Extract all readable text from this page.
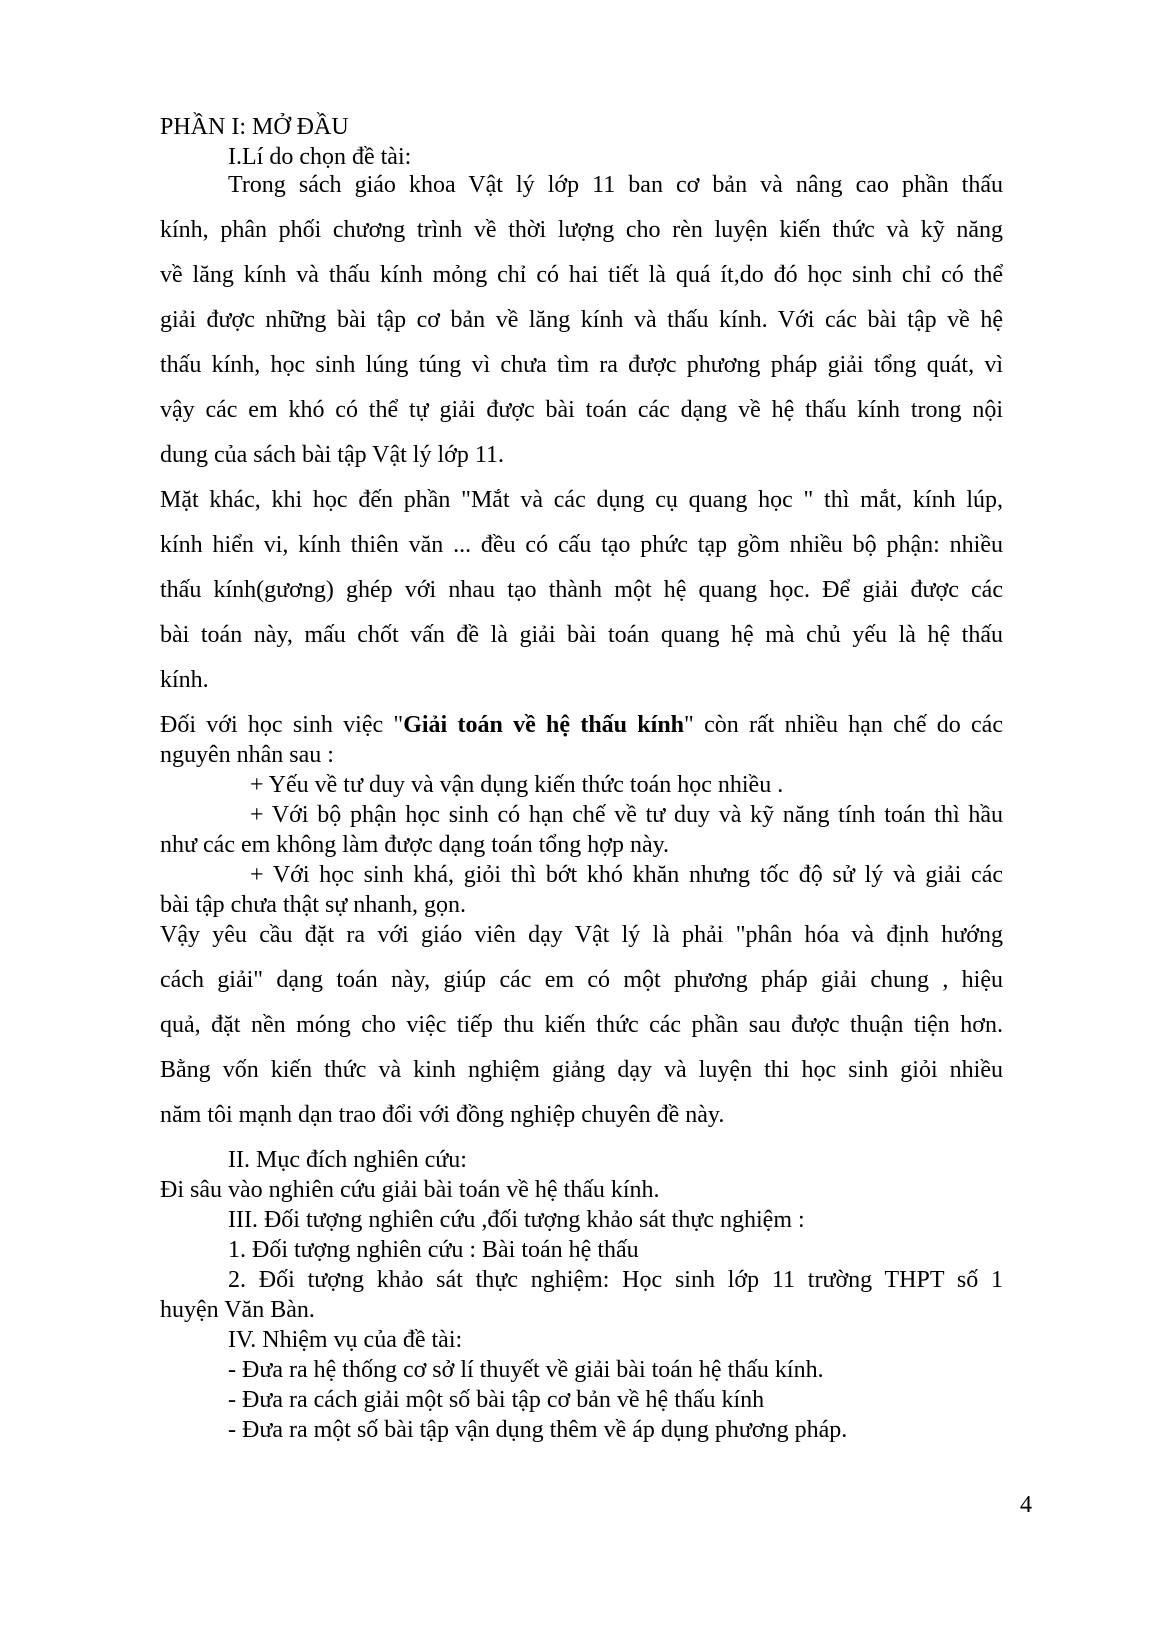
PHẦN I: MỞ ĐẦU
I.Lí do chọn đề tài:
Trong sách giáo khoa Vật lý lớp 11 ban cơ bản và nâng cao phần thấu
kính, phân phối chương trình về thời lượng cho rèn luyện kiến thức và kỹ năng
về lăng kính và thấu kính mỏng chỉ có hai tiết là quá ít,do đó học sinh chỉ có thể
giải được những bài tập cơ bản về lăng kính và thấu kính. Với các bài tập về hệ
thấu kính, học sinh lúng túng vì chưa tìm ra được phương pháp giải tổng quát, vì
vậy các em khó có thể tự giải được bài toán các dạng về hệ thấu kính trong nội
dung của sách bài tập Vật lý lớp 11.
Mặt khác, khi học đến phần "Mắt và các dụng cụ quang học " thì mắt, kính lúp,
kính hiển vi, kính thiên văn ... đều có cấu tạo phức tạp gồm nhiều bộ phận: nhiều
thấu kính(gương) ghép với nhau tạo thành một hệ quang học. Để giải được các
bài toán này, mấu chốt vấn đề là giải bài toán quang hệ mà chủ yếu là hệ thấu
kính.
Đối với học sinh việc "Giải toán về hệ thấu kính" còn rất nhiều hạn chế do các
nguyên nhân sau :
+ Yếu về tư duy và vận dụng kiến thức toán học nhiều .
+ Với bộ phận học sinh có hạn chế về tư duy và kỹ năng tính toán thì hầu
như các em không làm được dạng toán tổng hợp này.
+ Với học sinh khá, giỏi thì bớt khó khăn nhưng tốc độ sử lý và giải các
bài tập chưa thật sự nhanh, gọn.
Vậy yêu cầu đặt ra với giáo viên dạy Vật lý là phải "phân hóa và định hướng
cách giải" dạng toán này, giúp các em có một phương pháp giải chung , hiệu
quả, đặt nền móng cho việc tiếp thu kiến thức các phần sau được thuận tiện hơn.
Bằng vốn kiến thức và kinh nghiệm giảng dạy và luyện thi học sinh giỏi nhiều
năm tôi mạnh dạn trao đổi với đồng nghiệp chuyên đề này.
II. Mục đích nghiên cứu:
Đi sâu vào nghiên cứu giải bài toán về hệ thấu kính.
III. Đối tượng nghiên cứu ,đối tượng khảo sát thực nghiệm :
1. Đối tượng nghiên cứu : Bài toán hệ thấu
2. Đối tượng khảo sát thực nghiệm: Học sinh lớp 11 trường THPT số 1
huyện Văn Bàn.
IV. Nhiệm vụ của đề tài:
- Đưa ra hệ thống cơ sở lí thuyết về giải bài toán hệ thấu kính.
- Đưa ra cách giải một số bài tập cơ bản về hệ thấu kính
- Đưa ra một số bài tập vận dụng thêm về áp dụng phương pháp.
4
